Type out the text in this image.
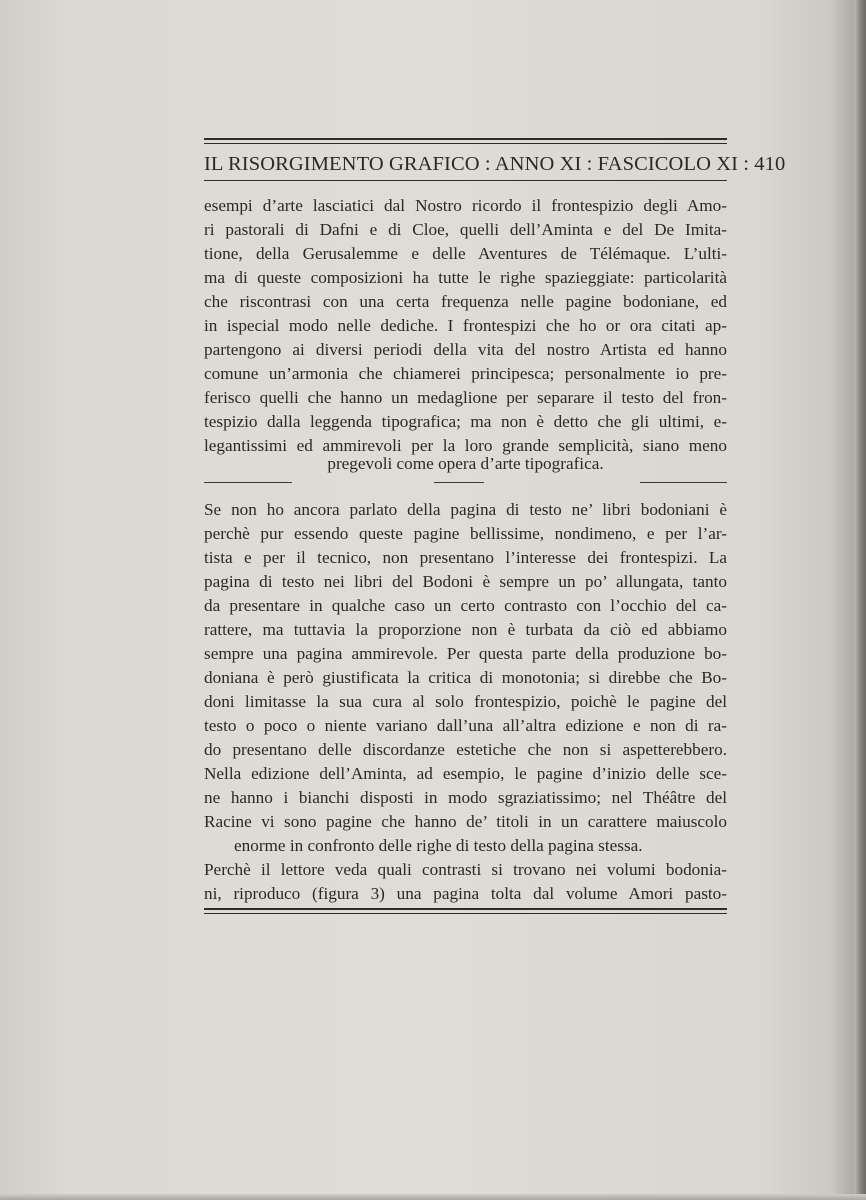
IL RISORGIMENTO GRAFICO : ANNO XI : FASCICOLO XI : 410
esempi d’arte lasciatici dal Nostro ricordo il frontespizio degli Amo-
ri pastorali di Dafni e di Cloe, quelli dell’Aminta e del De Imita-
tione, della Gerusalemme e delle Aventures de Télémaque. L’ulti-
ma di queste composizioni ha tutte le righe spazieggiate: particolarità
che riscontrasi con una certa frequenza nelle pagine bodoniane, ed
in ispecial modo nelle dediche. I frontespizi che ho or ora citati ap-
partengono ai diversi periodi della vita del nostro Artista ed hanno
comune un’armonia che chiamerei principesca; personalmente io pre-
ferisco quelli che hanno un medaglione per separare il testo del fron-
tespizio dalla leggenda tipografica; ma non è detto che gli ultimi, e-
legantissimi ed ammirevoli per la loro grande semplicità, siano meno
pregevoli come opera d’arte tipografica.
Se non ho ancora parlato della pagina di testo ne’ libri bodoniani è
perchè pur essendo queste pagine bellissime, nondimeno, e per l’ar-
tista e per il tecnico, non presentano l’interesse dei frontespizi. La
pagina di testo nei libri del Bodoni è sempre un po’ allungata, tanto
da presentare in qualche caso un certo contrasto con l’occhio del ca-
rattere, ma tuttavia la proporzione non è turbata da ciò ed abbiamo
sempre una pagina ammirevole. Per questa parte della produzione bo-
doniana è però giustificata la critica di monotonia; si direbbe che Bo-
doni limitasse la sua cura al solo frontespizio, poichè le pagine del
testo o poco o niente variano dall’una all’altra edizione e non di ra-
do presentano delle discordanze estetiche che non si aspetterebbero.
Nella edizione dell’Aminta, ad esempio, le pagine d’inizio delle sce-
ne hanno i bianchi disposti in modo sgraziatissimo; nel Théâtre del
Racine vi sono pagine che hanno de’ titoli in un carattere maiuscolo
enorme in confronto delle righe di testo della pagina stessa.
Perchè il lettore veda quali contrasti si trovano nei volumi bodonia-
ni, riproduco (figura 3) una pagina tolta dal volume Amori pasto-
